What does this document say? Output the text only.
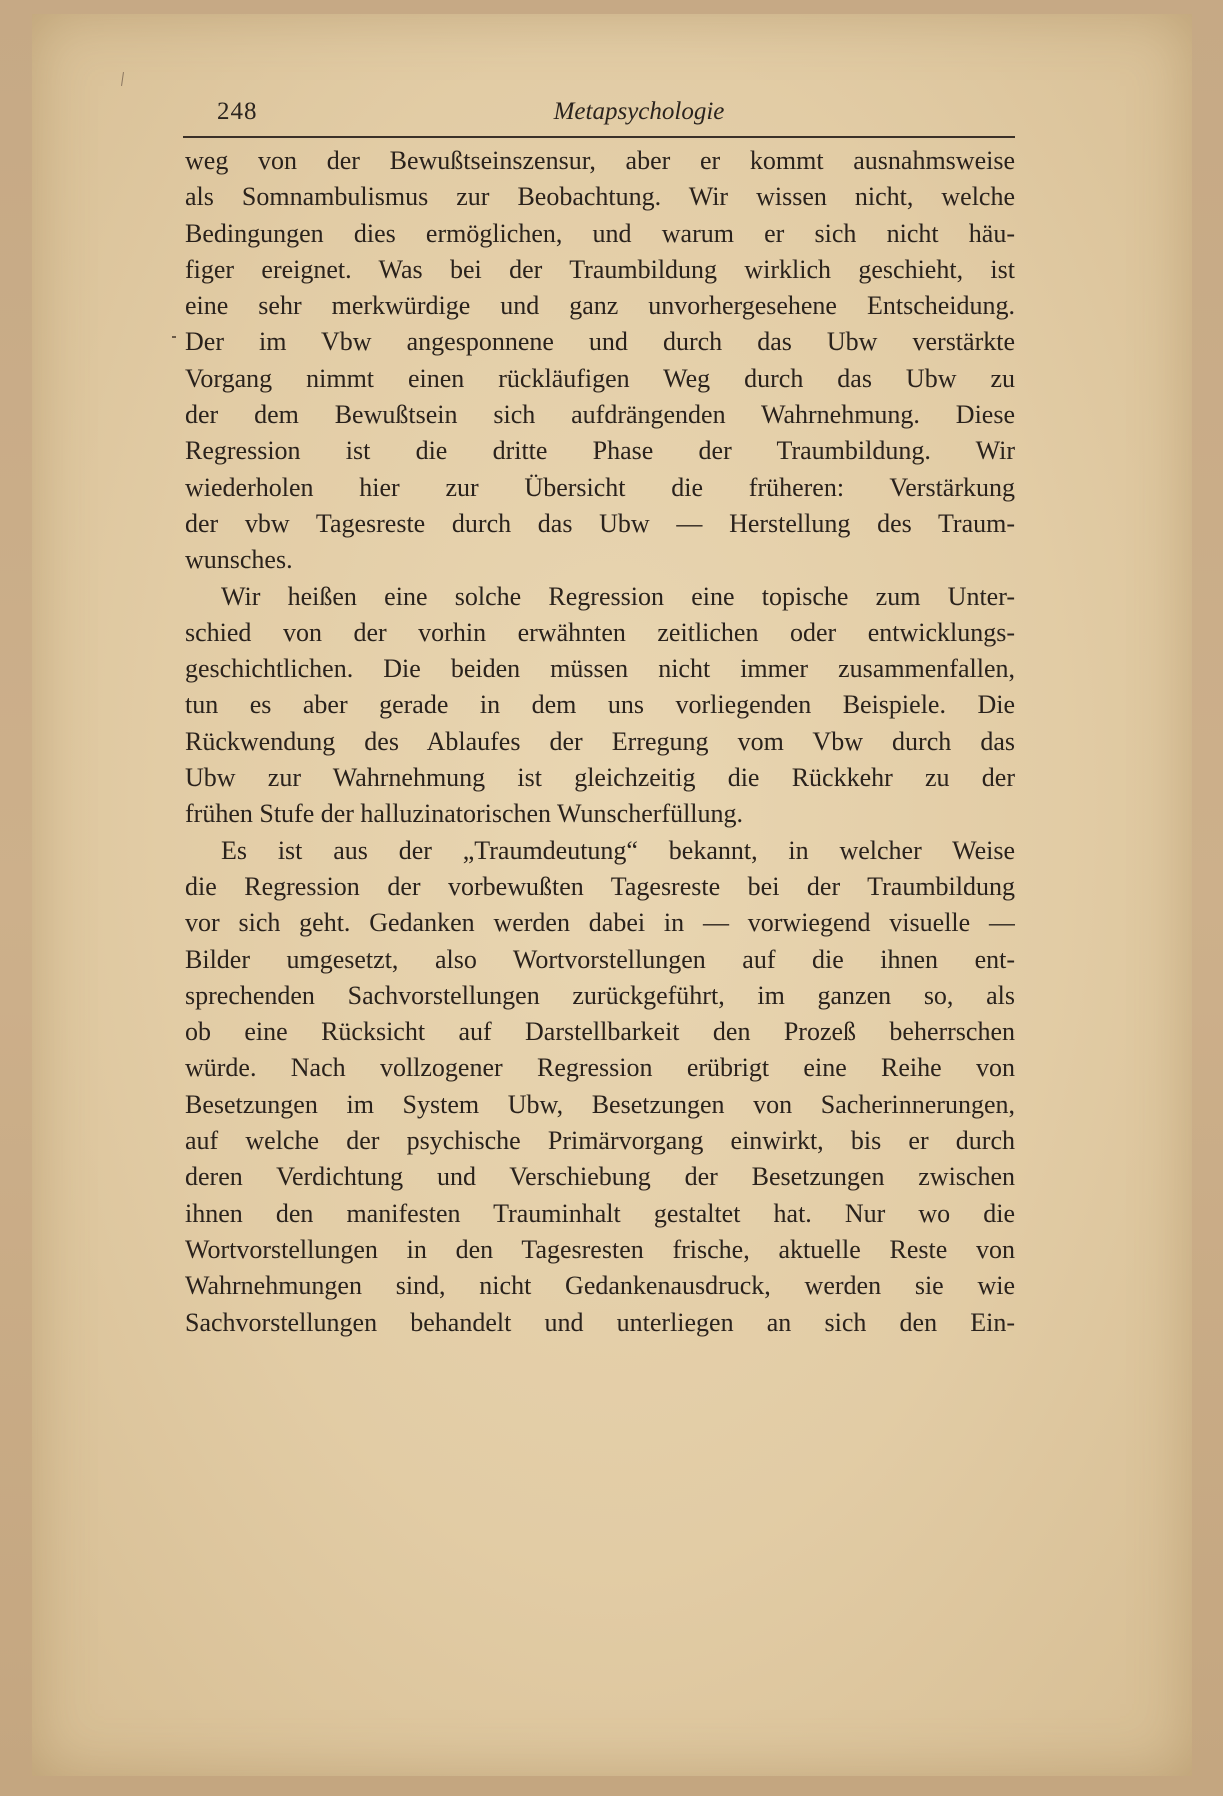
248	Metapsychologie
weg von der Bewußtseinszensur, aber er kommt ausnahmsweise
als Somnambulismus zur Beobachtung. Wir wissen nicht, welche
Bedingungen dies ermöglichen, und warum er sich nicht häu-
figer ereignet. Was bei der Traumbildung wirklich geschieht, ist
eine sehr merkwürdige und ganz unvorhergesehene Entscheidung.
Der im Vbw angesponnene und durch das Ubw verstärkte
Vorgang nimmt einen rückläufigen Weg durch das Ubw zu
der dem Bewußtsein sich aufdrängenden Wahrnehmung. Diese
Regression ist die dritte Phase der Traumbildung. Wir
wiederholen hier zur Übersicht die früheren: Verstärkung
der vbw Tagesreste durch das Ubw — Herstellung des Traum-
wunsches.
Wir heißen eine solche Regression eine topische zum Unter-
schied von der vorhin erwähnten zeitlichen oder entwicklungs-
geschichtlichen. Die beiden müssen nicht immer zusammenfallen,
tun es aber gerade in dem uns vorliegenden Beispiele. Die
Rückwendung des Ablaufes der Erregung vom Vbw durch das
Ubw zur Wahrnehmung ist gleichzeitig die Rückkehr zu der
frühen Stufe der halluzinatorischen Wunscherfüllung.
Es ist aus der „Traumdeutung“ bekannt, in welcher Weise
die Regression der vorbewußten Tagesreste bei der Traumbildung
vor sich geht. Gedanken werden dabei in — vorwiegend visuelle —
Bilder umgesetzt, also Wortvorstellungen auf die ihnen ent-
sprechenden Sachvorstellungen zurückgeführt, im ganzen so, als
ob eine Rücksicht auf Darstellbarkeit den Prozeß beherrschen
würde. Nach vollzogener Regression erübrigt eine Reihe von
Besetzungen im System Ubw, Besetzungen von Sacherinnerungen,
auf welche der psychische Primärvorgang einwirkt, bis er durch
deren Verdichtung und Verschiebung der Besetzungen zwischen
ihnen den manifesten Trauminhalt gestaltet hat. Nur wo die
Wortvorstellungen in den Tagesresten frische, aktuelle Reste von
Wahrnehmungen sind, nicht Gedankenausdruck, werden sie wie
Sachvorstellungen behandelt und unterliegen an sich den Ein-
